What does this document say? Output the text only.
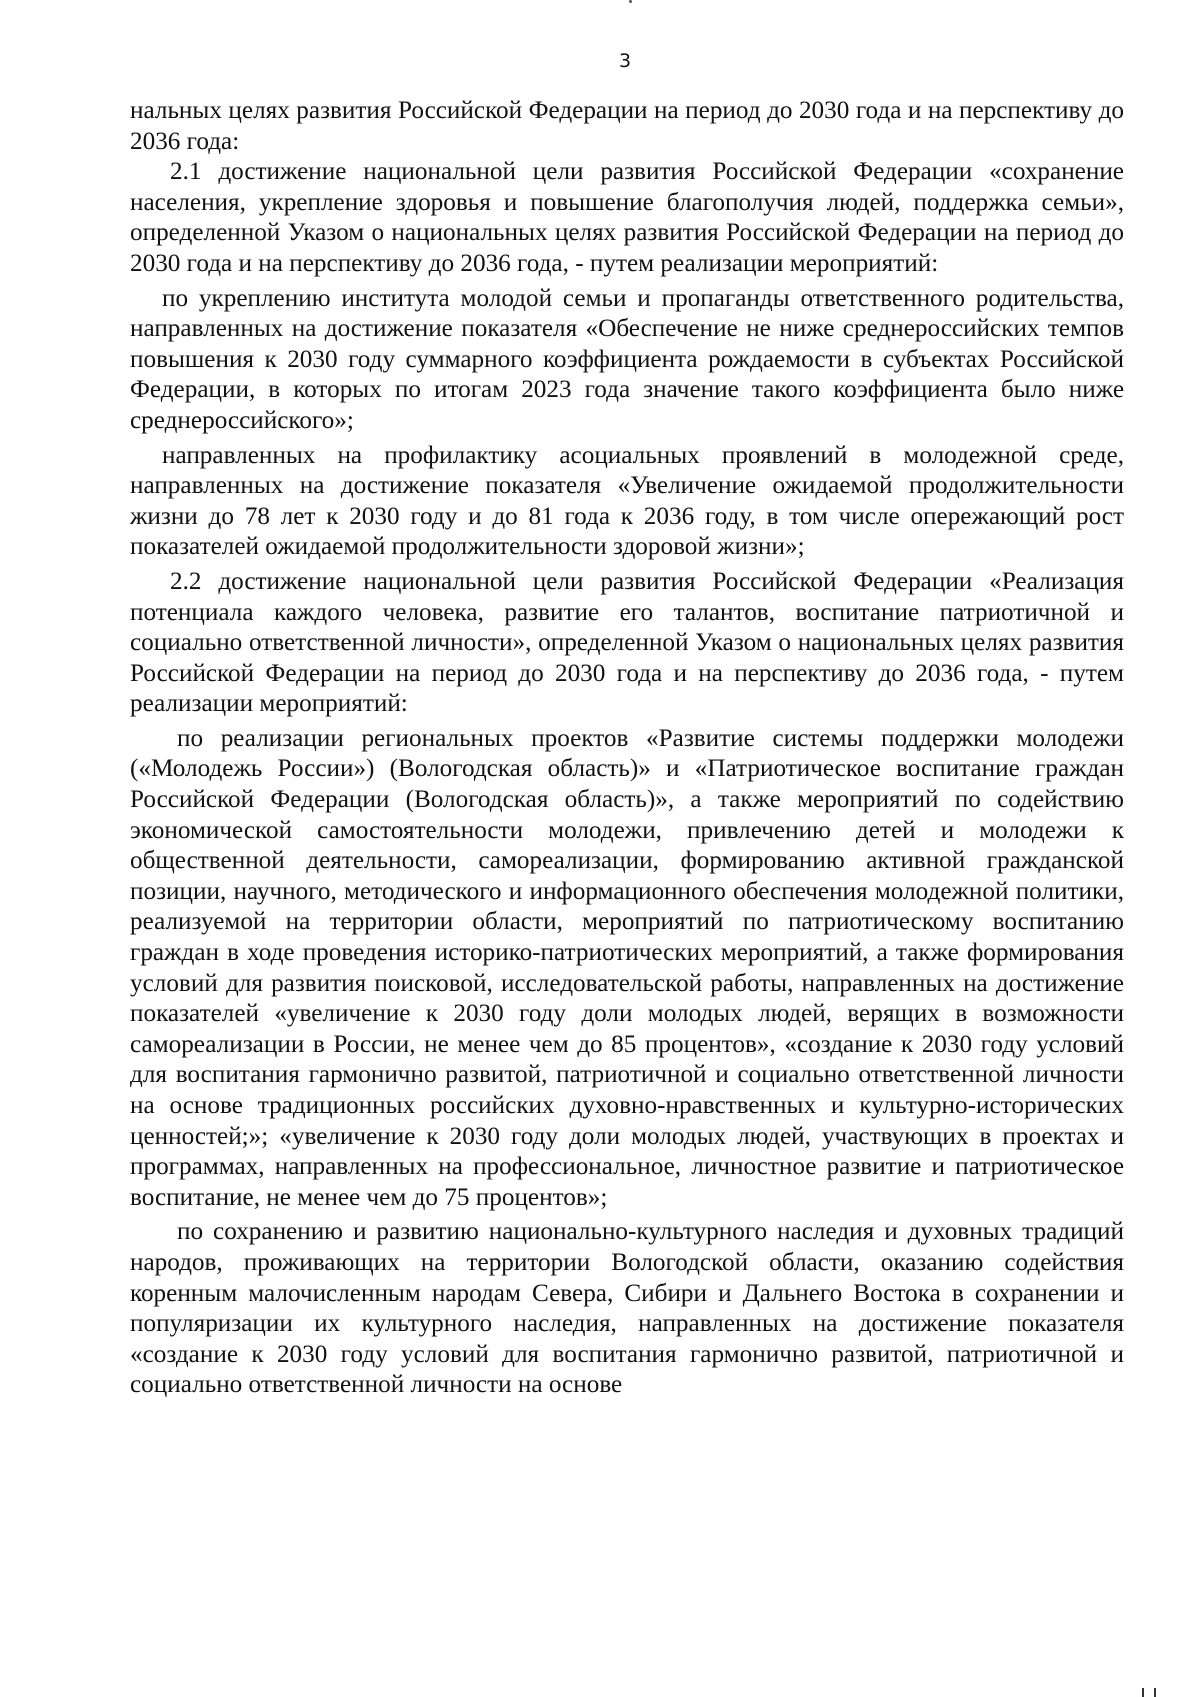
3

нальных целях развития Российской Федерации на период до 2030 года и на перспективу до 2036 года:

2.1 достижение национальной цели развития Российской Федерации «сохранение населения, укрепление здоровья и повышение благополучия людей, поддержка семьи», определенной Указом о национальных целях развития Российской Федерации на период до 2030 года и на перспективу до 2036 года, - путем реализации мероприятий:

по укреплению института молодой семьи и пропаганды ответственного родительства, направленных на достижение показателя «Обеспечение не ниже среднероссийских темпов повышения к 2030 году суммарного коэффициента рождаемости в субъектах Российской Федерации, в которых по итогам 2023 года значение такого коэффициента было ниже среднероссийского»;

направленных на профилактику асоциальных проявлений в молодежной среде, направленных на достижение показателя «Увеличение ожидаемой продолжительности жизни до 78 лет к 2030 году и до 81 года к 2036 году, в том числе опережающий рост показателей ожидаемой продолжительности здоровой жизни»;

2.2 достижение национальной цели развития Российской Федерации «Реализация потенциала каждого человека, развитие его талантов, воспитание патриотичной и социально ответственной личности», определенной Указом о национальных целях развития Российской Федерации на период до 2030 года и на перспективу до 2036 года, - путем реализации мероприятий:

по реализации региональных проектов «Развитие системы поддержки молодежи («Молодежь России») (Вологодская область)» и «Патриотическое воспитание граждан Российской Федерации (Вологодская область)», а также мероприятий по содействию экономической самостоятельности молодежи, привлечению детей и молодежи к общественной деятельности, самореализации, формированию активной гражданской позиции, научного, методического и информационного обеспечения молодежной политики, реализуемой на территории области, мероприятий по патриотическому воспитанию граждан в ходе проведения историко-патриотических мероприятий, а также формирования условий для развития поисковой, исследовательской работы, направленных на достижение показателей «увеличение к 2030 году доли молодых людей, верящих в возможности самореализации в России, не менее чем до 85 процентов», «создание к 2030 году условий для воспитания гармонично развитой, патриотичной и социально ответственной личности на основе традиционных российских духовно-нравственных и культурно-исторических ценностей;»; «увеличение к 2030 году доли молодых людей, участвующих в проектах и программах, направленных на профессиональное, личностное развитие и патриотическое воспитание, не менее чем до 75 процентов»;

по сохранению и развитию национально-культурного наследия и духовных традиций народов, проживающих на территории Вологодской области, оказанию содействия коренным малочисленным народам Севера, Сибири и Дальнего Востока в сохранении и популяризации их культурного наследия, направленных на достижение показателя «создание к 2030 году условий для воспитания гармонично развитой, патриотичной и социально ответственной личности на основе
